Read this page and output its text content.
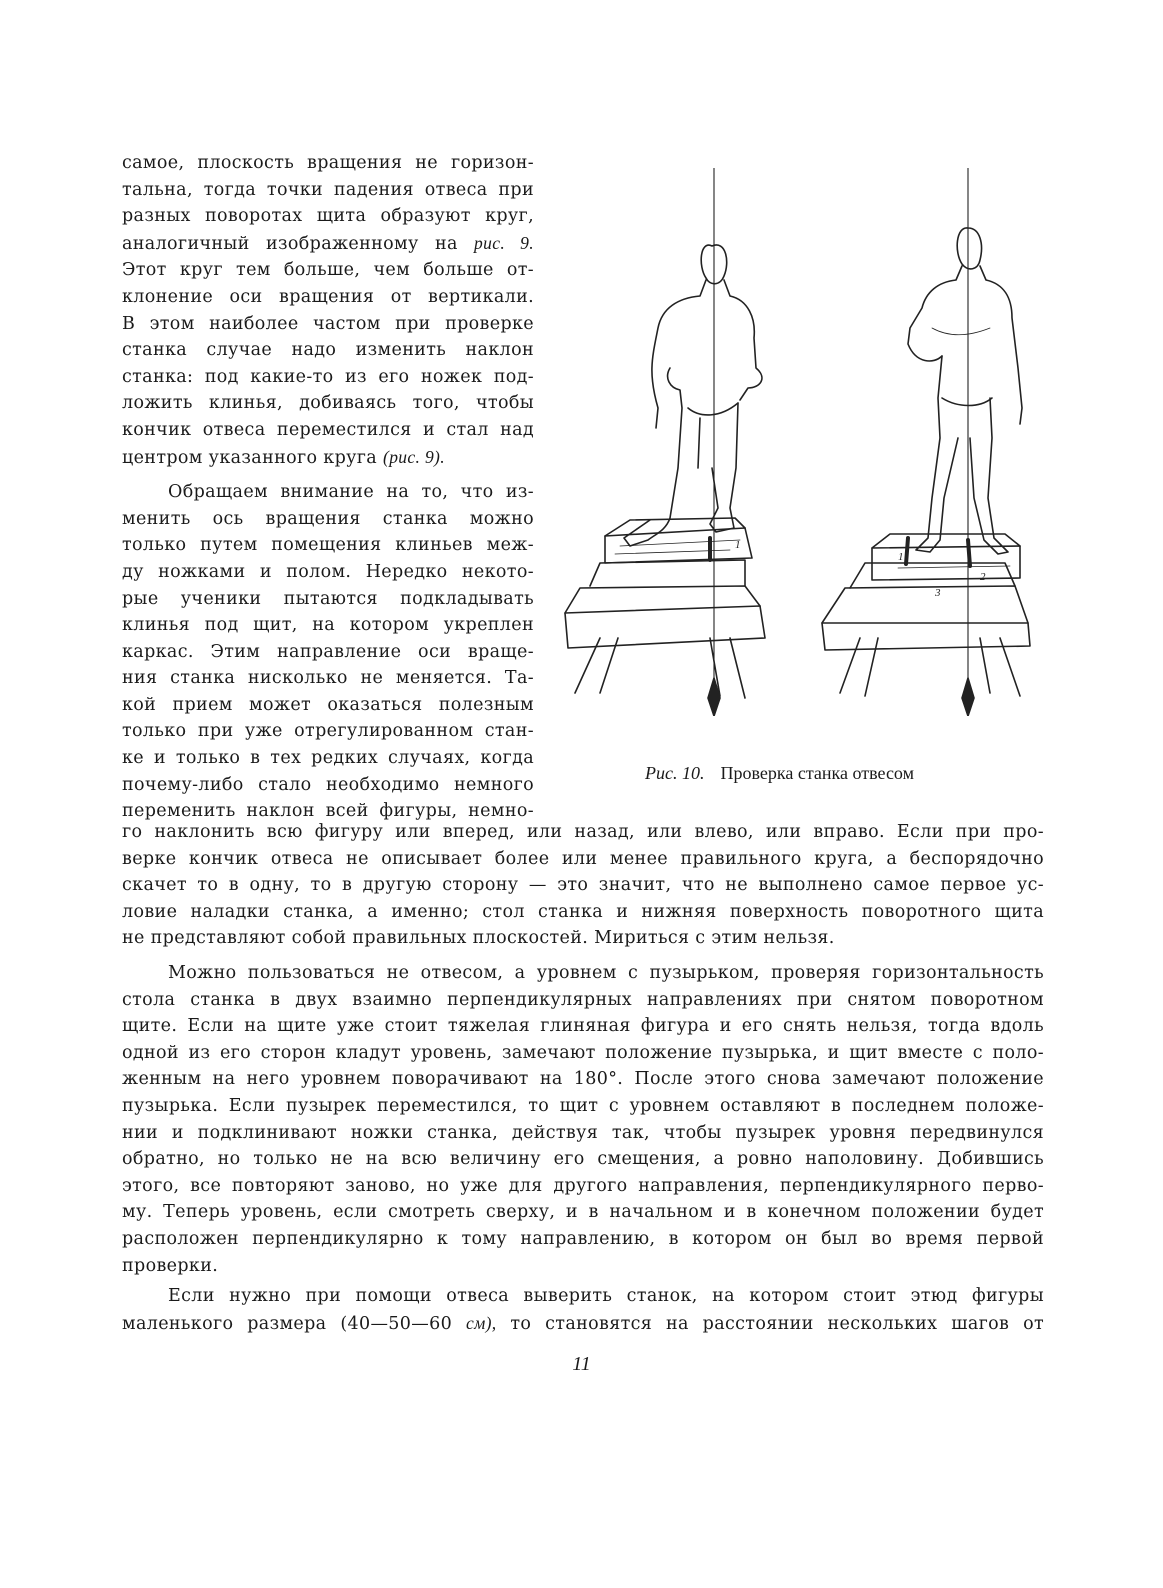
самое, плоскость вращения не горизон-
тальна, тогда точки падения отвеса при
разных поворотах щита образуют круг,
аналогичный изображенному на рис. 9.
Этот круг тем больше, чем больше от-
клонение оси вращения от вертикали.
В этом наиболее частом при проверке
станка случае надо изменить наклон
станка: под какие-то из его ножек под-
ложить клинья, добиваясь того, чтобы
кончик отвеса переместился и стал над
центром указанного круга (рис. 9).

Обращаем внимание на то, что из-
менить ось вращения станка можно
только путем помещения клиньев меж-
ду ножками и полом. Нередко некото-
рые ученики пытаются подкладывать
клинья под щит, на котором укреплен
каркас. Этим направление оси враще-
ния станка нисколько не меняется. Та-
кой прием может оказаться полезным
только при уже отрегулированном стан-
ке и только в тех редких случаях, когда
почему-либо стало необходимо немного
переменить наклон всей фигуры, немно-

1
1
2
3
Рис. 10. Проверка станка отвесом

го наклонить всю фигуру или вперед, или назад, или влево, или вправо. Если при про-
верке кончик отвеса не описывает более или менее правильного круга, а беспорядочно
скачет то в одну, то в другую сторону — это значит, что не выполнено самое первое ус-
ловие наладки станка, а именно; стол станка и нижняя поверхность поворотного щита
не представляют собой правильных плоскостей. Мириться с этим нельзя.

Можно пользоваться не отвесом, а уровнем с пузырьком, проверяя горизонтальность
стола станка в двух взаимно перпендикулярных направлениях при снятом поворотном
щите. Если на щите уже стоит тяжелая глиняная фигура и его снять нельзя, тогда вдоль
одной из его сторон кладут уровень, замечают положение пузырька, и щит вместе с поло-
женным на него уровнем поворачивают на 180°. После этого снова замечают положение
пузырька. Если пузырек переместился, то щит с уровнем оставляют в последнем положе-
нии и подклинивают ножки станка, действуя так, чтобы пузырек уровня передвинулся
обратно, но только не на всю величину его смещения, а ровно наполовину. Добившись
этого, все повторяют заново, но уже для другого направления, перпендикулярного перво-
му. Теперь уровень, если смотреть сверху, и в начальном и в конечном положении будет
расположен перпендикулярно к тому направлению, в котором он был во время первой
проверки.

Если нужно при помощи отвеса выверить станок, на котором стоит этюд фигуры
маленького размера (40—50—60 см), то становятся на расстоянии нескольких шагов от

11
